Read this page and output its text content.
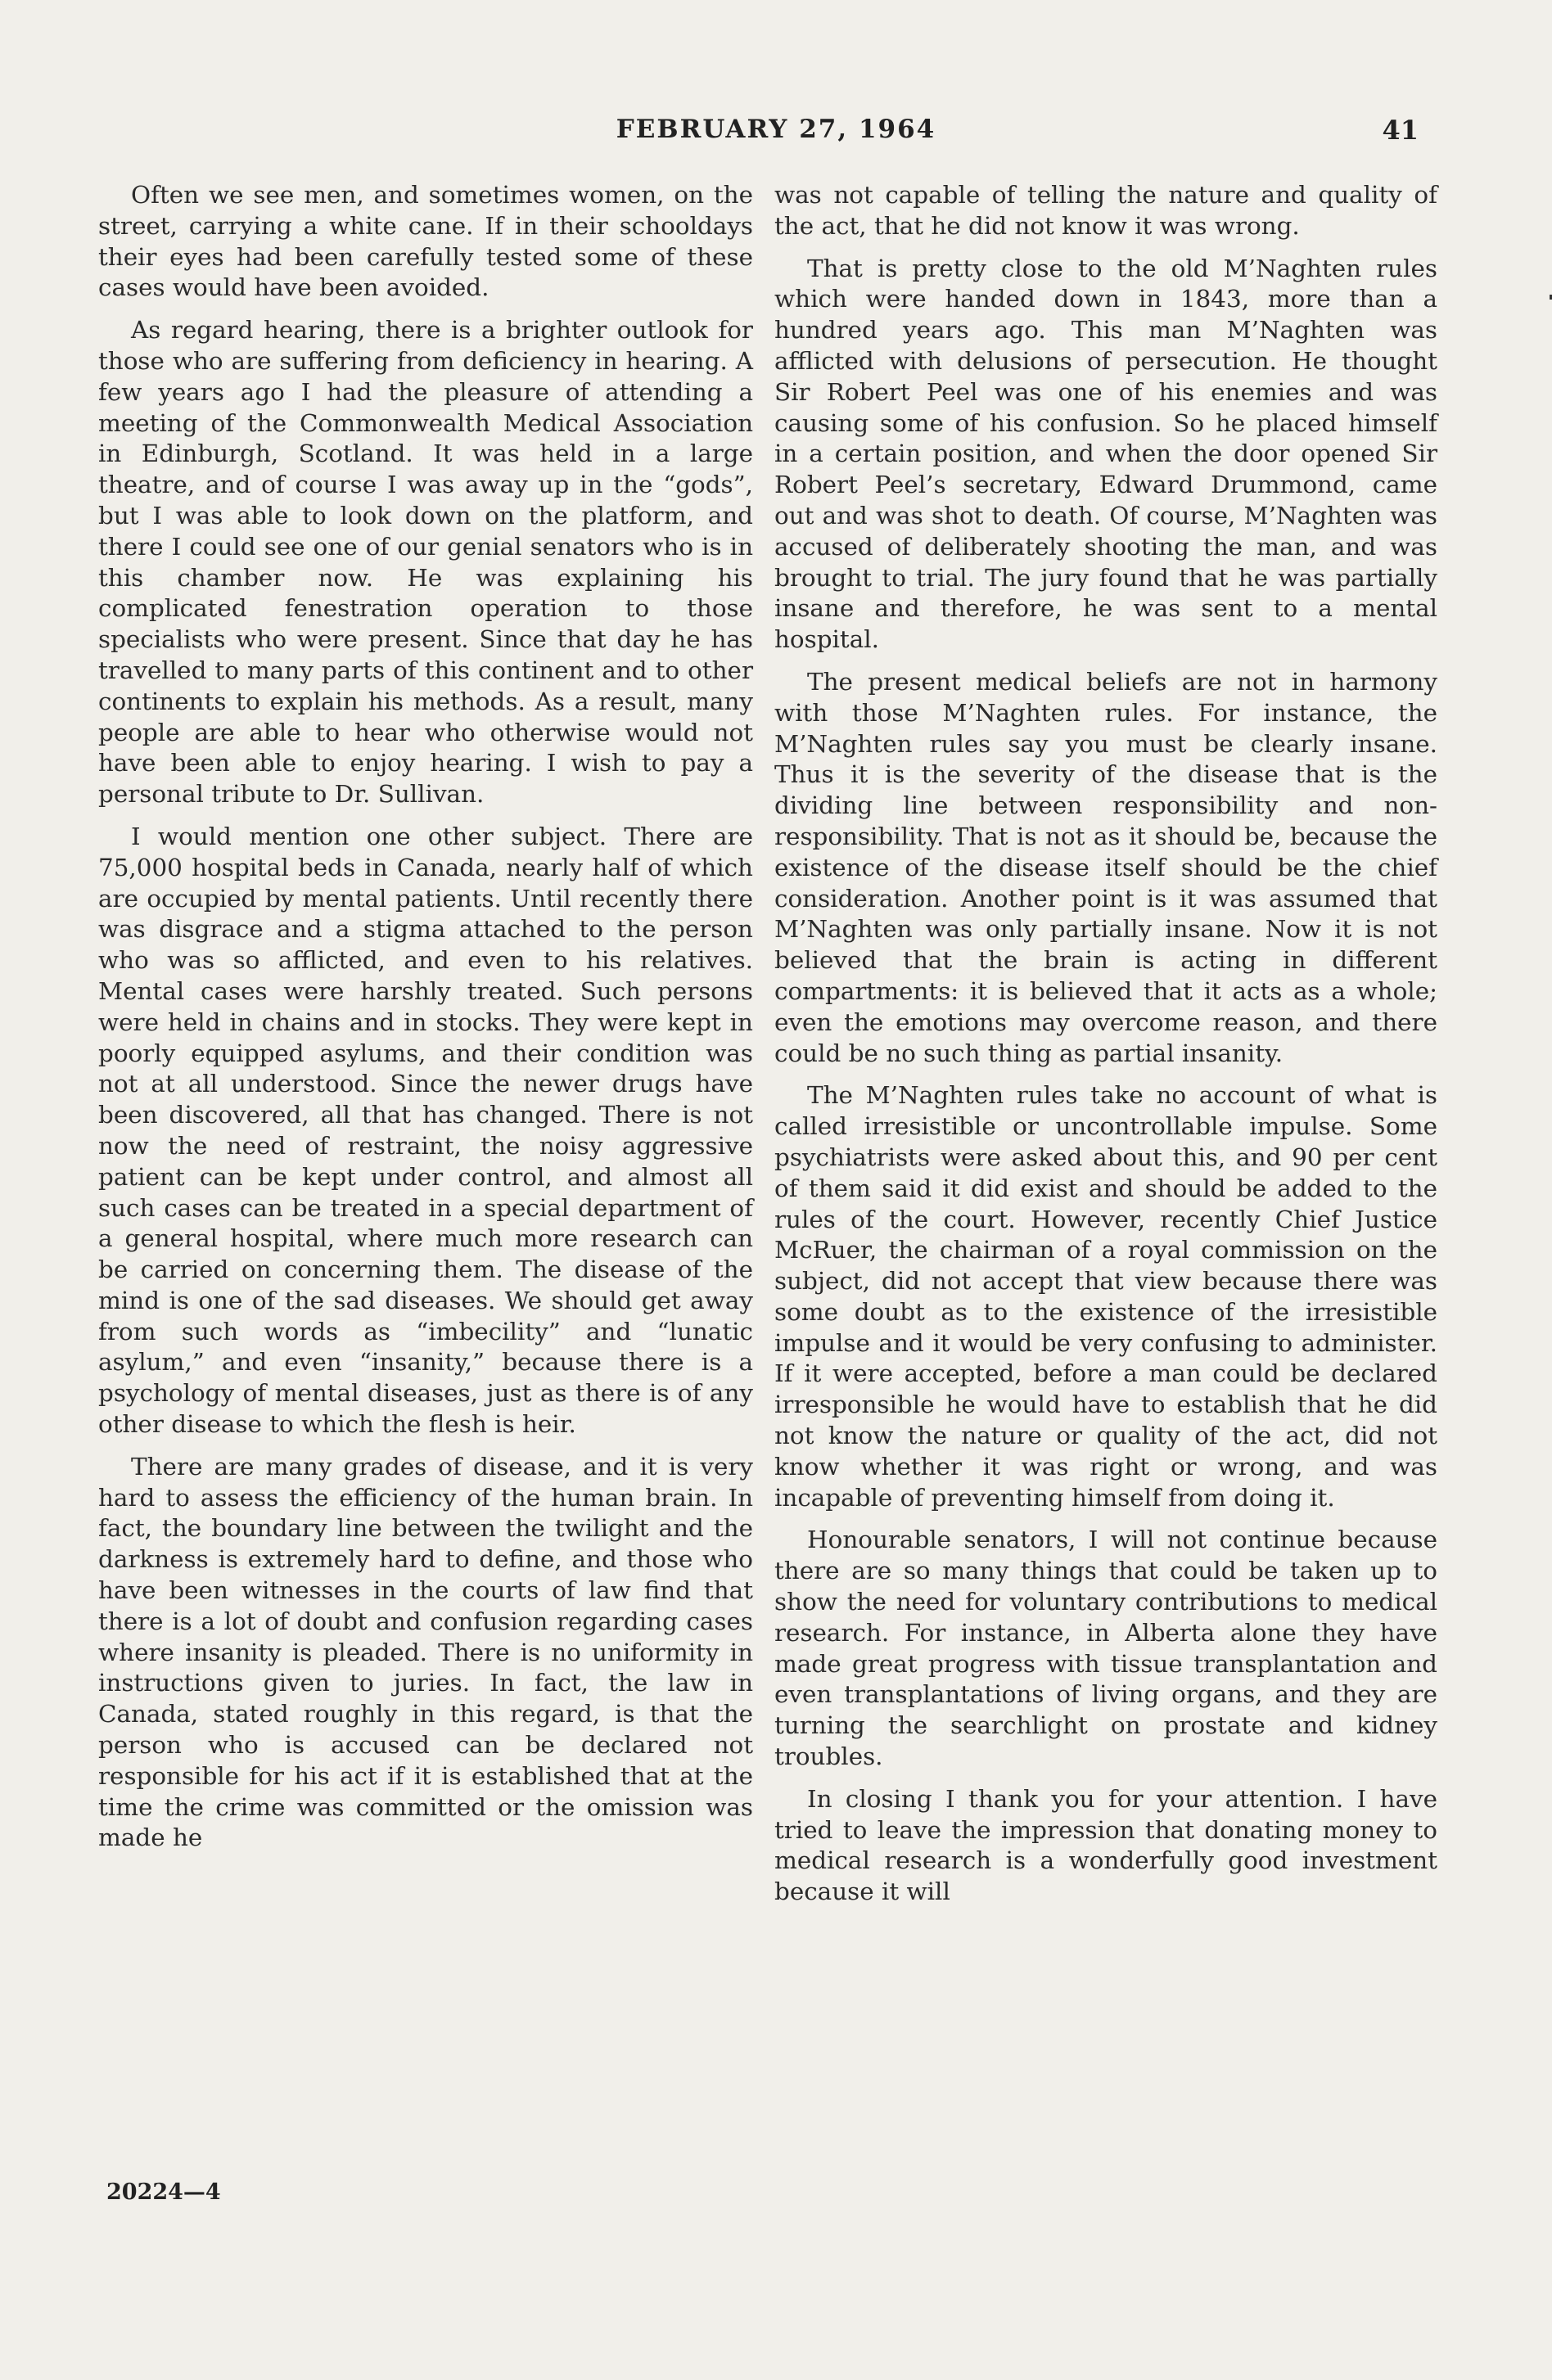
FEBRUARY 27, 1964	41

Often we see men, and sometimes women, on the street, carrying a white cane. If in their schooldays their eyes had been carefully tested some of these cases would have been avoided.

As regard hearing, there is a brighter outlook for those who are suffering from deficiency in hearing. A few years ago I had the pleasure of attending a meeting of the Commonwealth Medical Association in Edinburgh, Scotland. It was held in a large theatre, and of course I was away up in the “gods”, but I was able to look down on the platform, and there I could see one of our genial senators who is in this chamber now. He was explaining his complicated fenestration operation to those specialists who were present. Since that day he has travelled to many parts of this continent and to other continents to explain his methods. As a result, many people are able to hear who otherwise would not have been able to enjoy hearing. I wish to pay a personal tribute to Dr. Sullivan.

I would mention one other subject. There are 75,000 hospital beds in Canada, nearly half of which are occupied by mental patients. Until recently there was disgrace and a stigma attached to the person who was so afflicted, and even to his relatives. Mental cases were harshly treated. Such persons were held in chains and in stocks. They were kept in poorly equipped asylums, and their condition was not at all understood. Since the newer drugs have been discovered, all that has changed. There is not now the need of restraint, the noisy aggressive patient can be kept under control, and almost all such cases can be treated in a special department of a general hospital, where much more research can be carried on concerning them. The disease of the mind is one of the sad diseases. We should get away from such words as “imbecility” and “lunatic asylum,” and even “insanity,” because there is a psychology of mental diseases, just as there is of any other disease to which the flesh is heir.

There are many grades of disease, and it is very hard to assess the efficiency of the human brain. In fact, the boundary line between the twilight and the darkness is extremely hard to define, and those who have been witnesses in the courts of law find that there is a lot of doubt and confusion regarding cases where insanity is pleaded. There is no uniformity in instructions given to juries. In fact, the law in Canada, stated roughly in this regard, is that the person who is accused can be declared not responsible for his act if it is established that at the time the crime was committed or the omission was made he

was not capable of telling the nature and quality of the act, that he did not know it was wrong.

That is pretty close to the old M’Naghten rules which were handed down in 1843, more than a hundred years ago. This man M’Naghten was afflicted with delusions of persecution. He thought Sir Robert Peel was one of his enemies and was causing some of his confusion. So he placed himself in a certain position, and when the door opened Sir Robert Peel’s secretary, Edward Drummond, came out and was shot to death. Of course, M’Naghten was accused of deliberately shooting the man, and was brought to trial. The jury found that he was partially insane and therefore, he was sent to a mental hospital.

The present medical beliefs are not in harmony with those M’Naghten rules. For instance, the M’Naghten rules say you must be clearly insane. Thus it is the severity of the disease that is the dividing line between responsibility and non-responsibility. That is not as it should be, because the existence of the disease itself should be the chief consideration. Another point is it was assumed that M’Naghten was only partially insane. Now it is not believed that the brain is acting in different compartments: it is believed that it acts as a whole; even the emotions may overcome reason, and there could be no such thing as partial insanity.

The M’Naghten rules take no account of what is called irresistible or uncontrollable impulse. Some psychiatrists were asked about this, and 90 per cent of them said it did exist and should be added to the rules of the court. However, recently Chief Justice McRuer, the chairman of a royal commission on the subject, did not accept that view because there was some doubt as to the existence of the irresistible impulse and it would be very confusing to administer. If it were accepted, before a man could be declared irresponsible he would have to establish that he did not know the nature or quality of the act, did not know whether it was right or wrong, and was incapable of preventing himself from doing it.

Honourable senators, I will not continue because there are so many things that could be taken up to show the need for voluntary contributions to medical research. For instance, in Alberta alone they have made great progress with tissue transplantation and even transplantations of living organs, and they are turning the searchlight on prostate and kidney troubles.

In closing I thank you for your attention. I have tried to leave the impression that donating money to medical research is a wonderfully good investment because it will

20224—4
